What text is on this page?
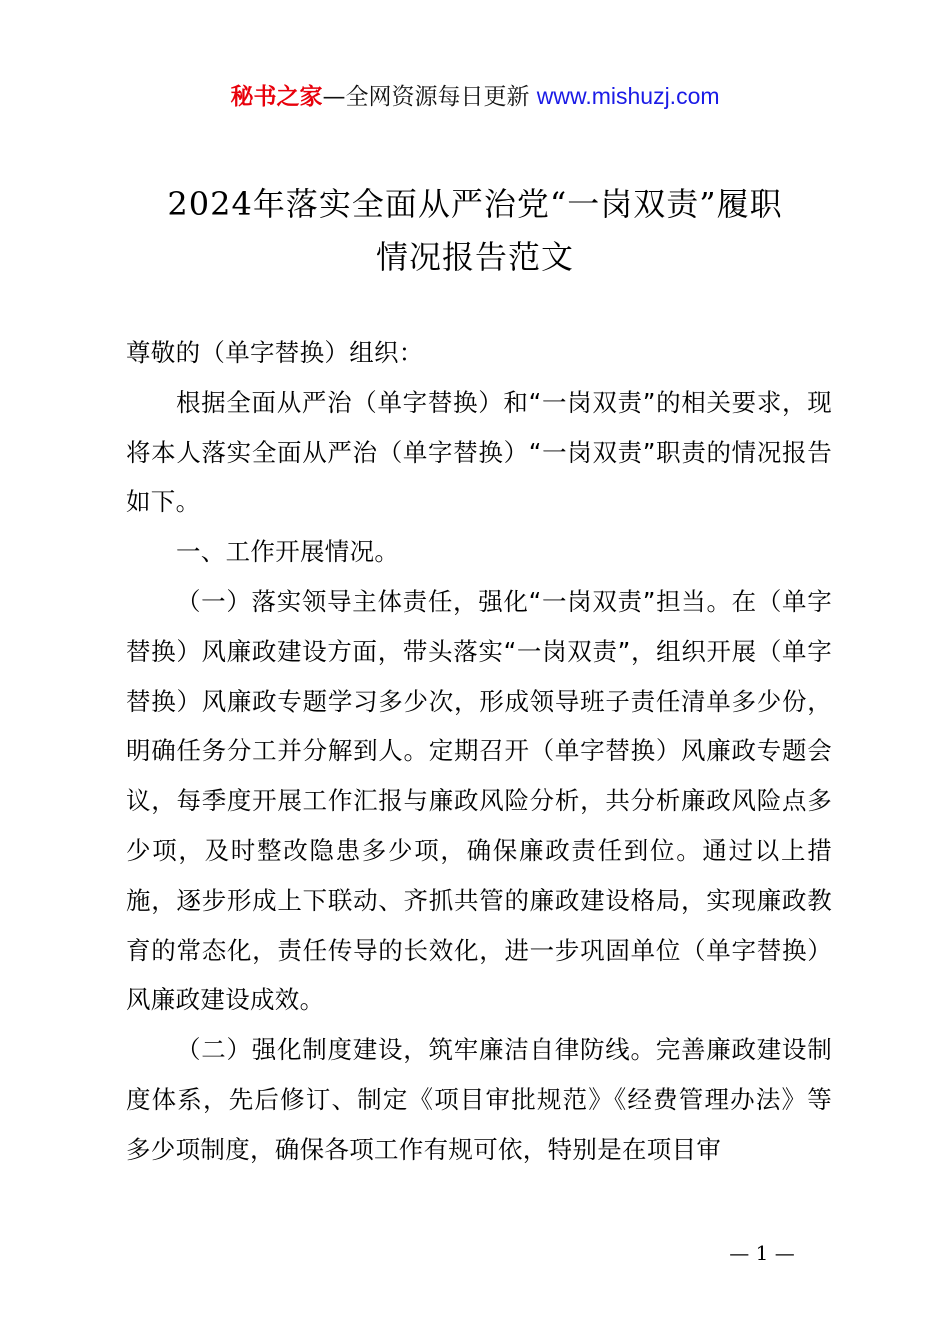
秘书之家—全网资源每日更新 www.mishuzj.com
2024年落实全面从严治党“一岗双责”履职
情况报告范文

尊敬的（单字替换）组织：

根据全面从严治（单字替换）和“一岗双责”的相关要求，现将本人落实全面从严治（单字替换）“一岗双责”职责的情况报告如下。

一、工作开展情况。

（一）落实领导主体责任，强化“一岗双责”担当。在（单字替换）风廉政建设方面，带头落实“一岗双责”，组织开展（单字替换）风廉政专题学习多少次，形成领导班子责任清单多少份，明确任务分工并分解到人。定期召开（单字替换）风廉政专题会议，每季度开展工作汇报与廉政风险分析，共分析廉政风险点多少项，及时整改隐患多少项，确保廉政责任到位。通过以上措施，逐步形成上下联动、齐抓共管的廉政建设格局，实现廉政教育的常态化，责任传导的长效化，进一步巩固单位（单字替换）风廉政建设成效。

（二）强化制度建设，筑牢廉洁自律防线。完善廉政建设制度体系，先后修订、制定《项目审批规范》《经费管理办法》等多少项制度，确保各项工作有规可依，特别是在项目审

— 1 —
